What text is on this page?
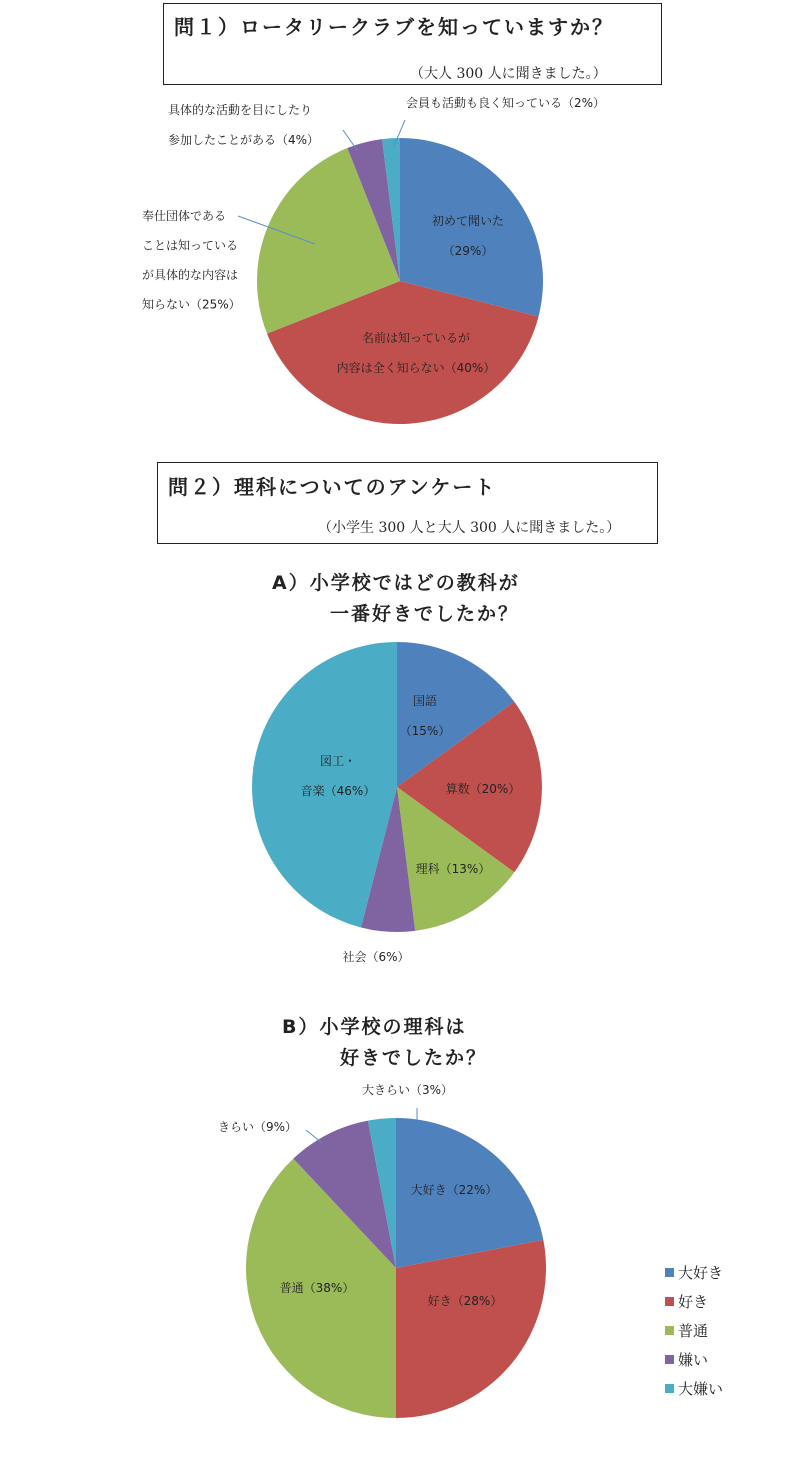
問１）ロータリークラブを知っていますか？
（大人 300 人に聞きました。）
初めて聞いた
（29%）
名前は知っているが
内容は全く知らない（40%）
奉仕団体である
ことは知っている
が具体的な内容は
知らない（25%）
具体的な活動を目にしたり
参加したことがある（4%）
会員も活動も良く知っている（2%）
問２）理科についてのアンケート
（小学生 300 人と大人 300 人に聞きました。）
A）小学校ではどの教科が
一番好きでしたか？
国語
（15%）
算数（20%）
理科（13%）
社会（6%）
図工・
音楽（46%）
B）小学校の理科は
好きでしたか？
大好き（22%）
好き（28%）
普通（38%）
きらい（9%）
大きらい（3%）
大好き
好き
普通
嫌い
大嫌い
